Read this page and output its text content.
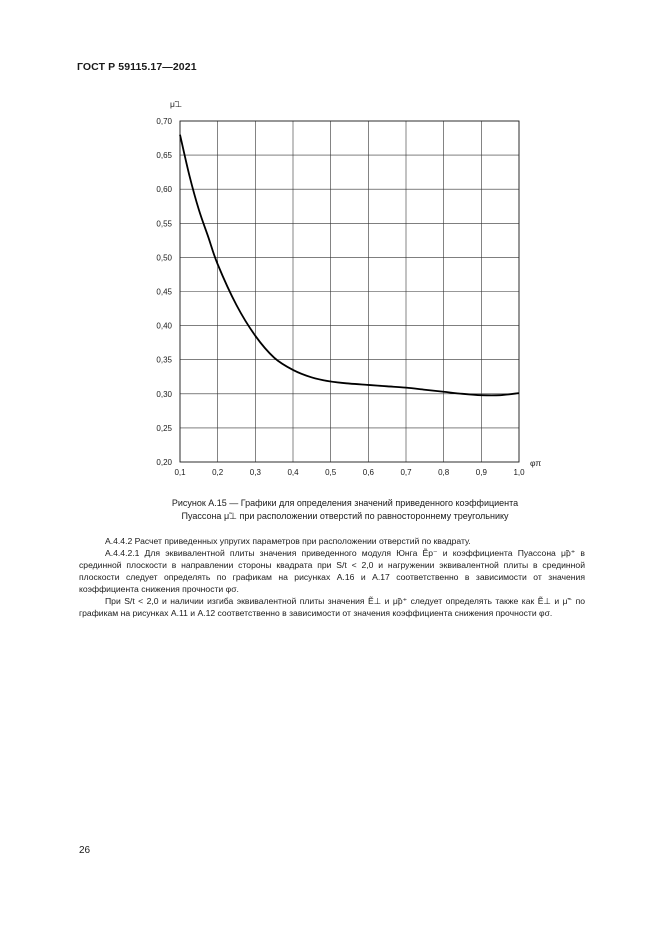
ГОСТ Р 59115.17—2021
0,20
0,25
0,30
0,35
0,40
0,45
0,50
0,55
0,60
0,65
0,70
0,1	0,2	0,3	0,4	0,5	0,6	0,7	0,8	0,9	1,0
μ̃⊥
φπ
Рисунок А.15 — Графики для определения значений приведенного коэффициента
Пуассона μ̃⊥ при расположении отверстий по равностороннему треугольнику

А.4.4.2 Расчет приведенных упругих параметров при расположении отверстий по квадрату.

А.4.4.2.1 Для эквивалентной плиты значения приведенного модуля Юнга Ẽp⁻ и коэффициента Пуассона μ̃p⁺ в срединной плоскости в направлении стороны квадрата при S/t < 2,0 и нагружении эквивалентной плиты в срединной плоскости следует определять по графикам на рисунках А.16 и А.17 соответственно в зависимости от значения коэффициента снижения прочности φσ.

При S/t < 2,0 и наличии изгиба эквивалентной плиты значения Ẽ⊥ и μ̃p⁺ следует определять также как Ẽ⊥ и μ̃⁻ по графикам на рисунках А.11 и А.12 соответственно в зависимости от значения коэффициента снижения прочности φσ.

26
